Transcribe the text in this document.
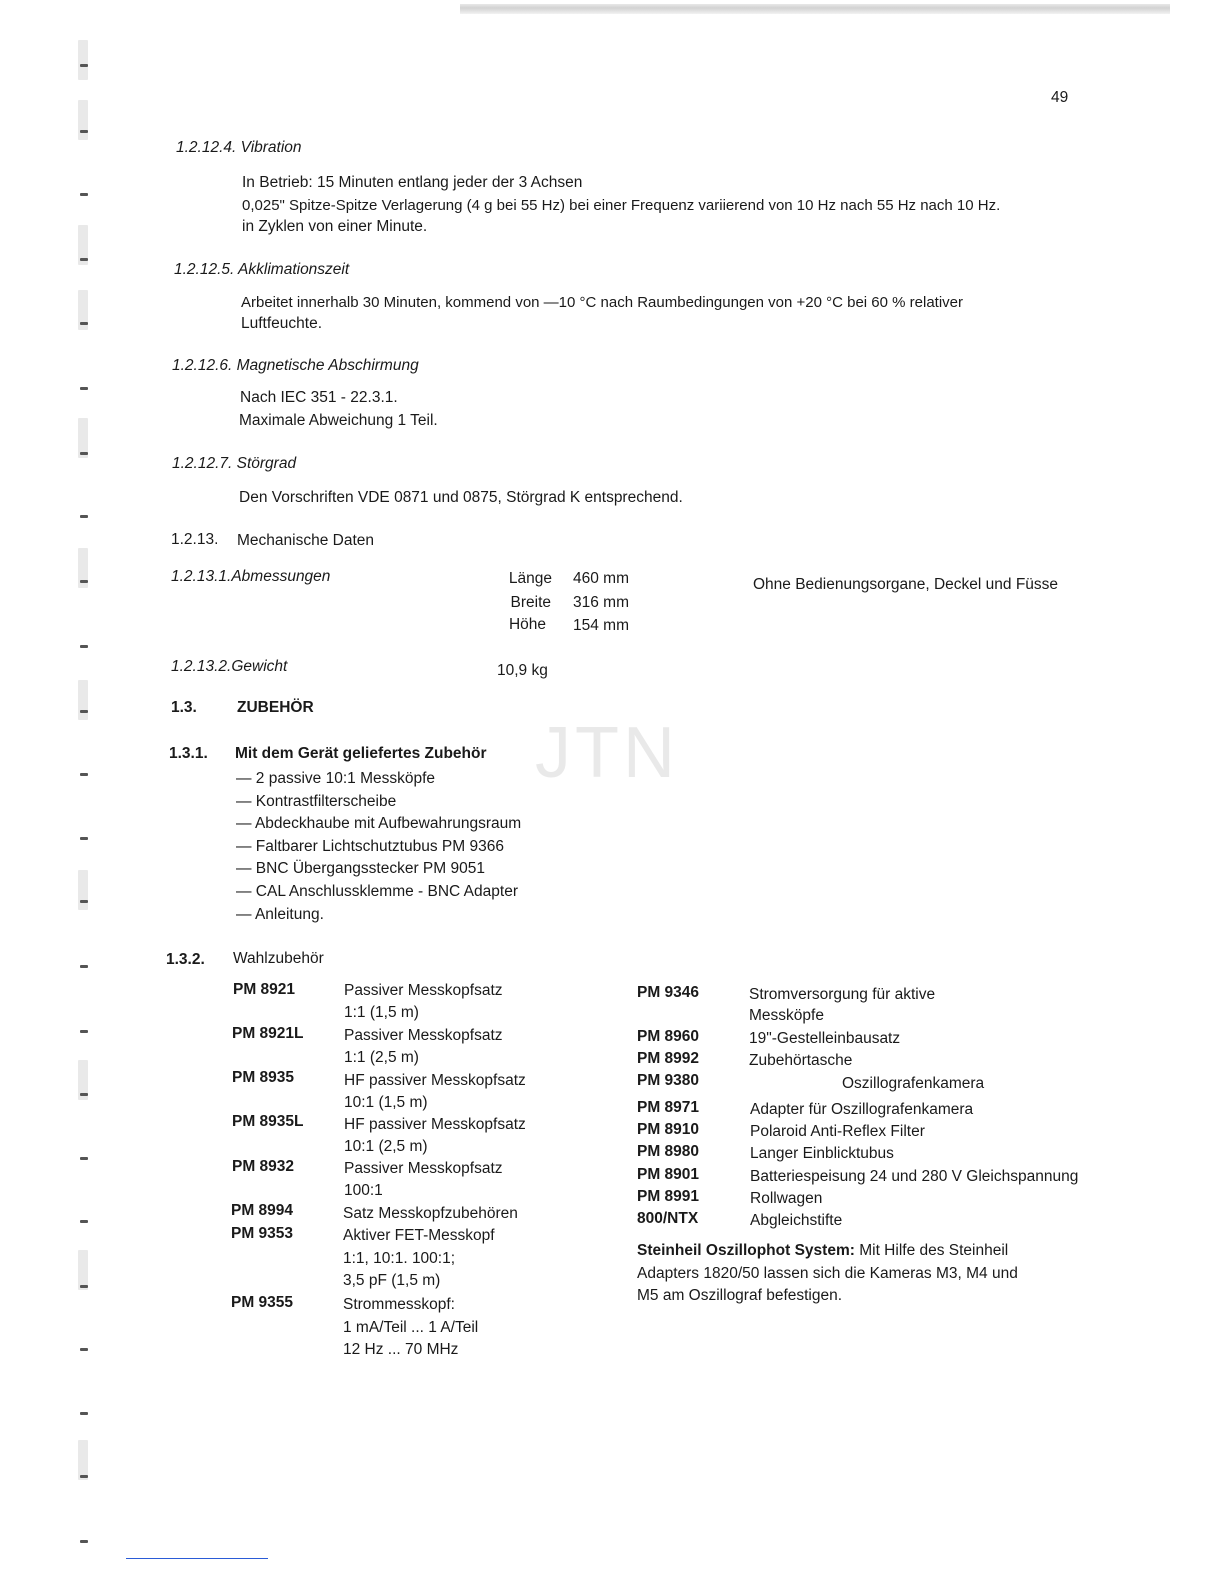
JTN
49
1.2.12.4. Vibration
In Betrieb: 15 Minuten entlang jeder der 3 Achsen
0,025" Spitze-Spitze Verlagerung (4 g bei 55 Hz) bei einer Frequenz variierend von 10 Hz nach 55 Hz nach 10 Hz.
in Zyklen von einer Minute.
1.2.12.5. Akklimationszeit
Arbeitet innerhalb 30 Minuten, kommend von —10 °C nach Raumbedingungen von +20 °C bei 60 % relativer
Luftfeuchte.
1.2.12.6. Magnetische Abschirmung
Nach IEC 351 - 22.3.1.
Maximale Abweichung 1 Teil.
1.2.12.7. Störgrad
Den Vorschriften VDE 0871 und 0875, Störgrad K entsprechend.
1.2.13. Mechanische Daten
1.2.13.1.Abmessungen	Länge 460 mm
Breite 316 mm
Höhe 154 mm
Ohne Bedienungsorgane, Deckel und Füsse
1.2.13.2.Gewicht	10,9 kg
1.3.	ZUBEHÖR
1.3.1. Mit dem Gerät geliefertes Zubehör
— 2 passive 10:1 Messköpfe
— Kontrastfilterscheibe
— Abdeckhaube mit Aufbewahrungsraum
— Faltbarer Lichtschutztubus PM 9366
— BNC Übergangsstecker PM 9051
— CAL Anschlussklemme - BNC Adapter
— Anleitung.
1.3.2. Wahlzubehör
PM 8921	Passiver Messkopfsatz
1:1 (1,5 m)
PM 8921L	Passiver Messkopfsatz
1:1 (2,5 m)
PM 8935	HF passiver Messkopfsatz
10:1 (1,5 m)
PM 8935L	HF passiver Messkopfsatz
10:1 (2,5 m)
PM 8932	Passiver Messkopfsatz
100:1
PM 8994	Satz Messkopfzubehören
PM 9353	Aktiver FET-Messkopf
1:1, 10:1. 100:1;
3,5 pF (1,5 m)
PM 9355	Strommesskopf:
1 mA/Teil ... 1 A/Teil
12 Hz ... 70 MHz
PM 9346	Stromversorgung für aktive
Messköpfe
PM 8960	19"-Gestelleinbausatz
PM 8992	Zubehörtasche
PM 9380	Oszillografenkamera
PM 8971	Adapter für Oszillografenkamera
PM 8910	Polaroid Anti-Reflex Filter
PM 8980	Langer Einblicktubus
PM 8901	Batteriespeisung 24 und 280 V Gleichspannung
PM 8991	Rollwagen
800/NTX	Abgleichstifte
Steinheil Oszillophot System: Mit Hilfe des Steinheil
Adapters 1820/50 lassen sich die Kameras M3, M4 und
M5 am Oszillograf befestigen.
